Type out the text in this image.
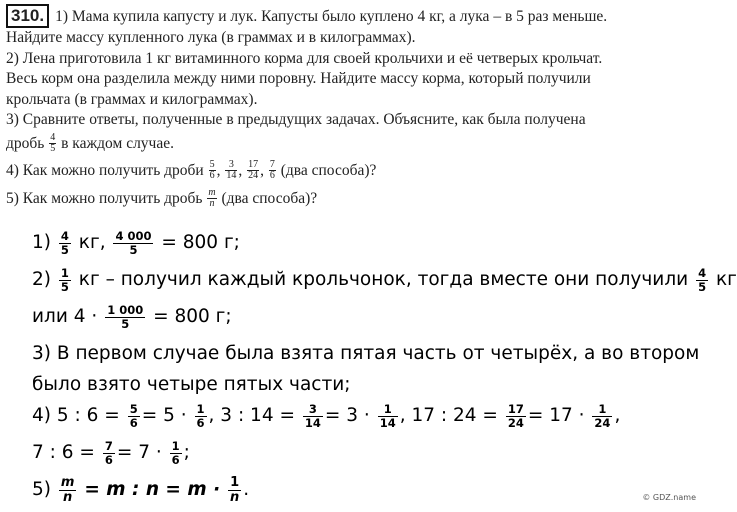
310. 1) Мама купила капусту и лук. Капусты было куплено 4 кг, а лука – в 5 раз меньше.
Найдите массу купленного лука (в граммах и в килограммах).
2) Лена приготовила 1 кг витаминного корма для своей крольчихи и её четверых крольчат.
Весь корм она разделила между ними поровну. Найдите массу корма, который получили
крольчата (в граммах и килограммах).
3) Сравните ответы, полученные в предыдущих задачах. Объясните, как была получена
дробь $\frac{4}{5}$ в каждом случае.
4) Как можно получить дроби $\frac{5}{6}$ , $\frac{3}{14}$ , $\frac{17}{24}$ , $\frac{7}{6} (два$ способа)?
5) Как можно получить дробь $\frac{m}{n} (два$ способа)?
$1) \frac{4}{5}$ кг, $\frac{4 000}{5} = 800$ г;
$2) \frac{1}{5}$ кг – получил каждый крольчонок, тогда вместе они получили $\frac{4}{5}$ кг
или $4 \cdot \frac{1 000}{5} = 800$ г;
3) В первом случае была взята пятая часть от четырёх, а во втором
было взято четыре пятых части;
4) 5 : $6 = \frac{5}{6} = 5 \cdot \frac{1}{6}$ , 3 : $14 = \frac{3}{14} = 3 \cdot \frac{1}{14}$ , 17 : $24 = \frac{17}{24} = 17 \cdot \frac{1}{24}$ ,
7 : $6 = \frac{7}{6} = 7 \cdot \frac{1}{6}$ ;
$5) \frac{m}{n} = m$ : $n = m \cdot \frac{1}{n}$ .	© GDZ.name
